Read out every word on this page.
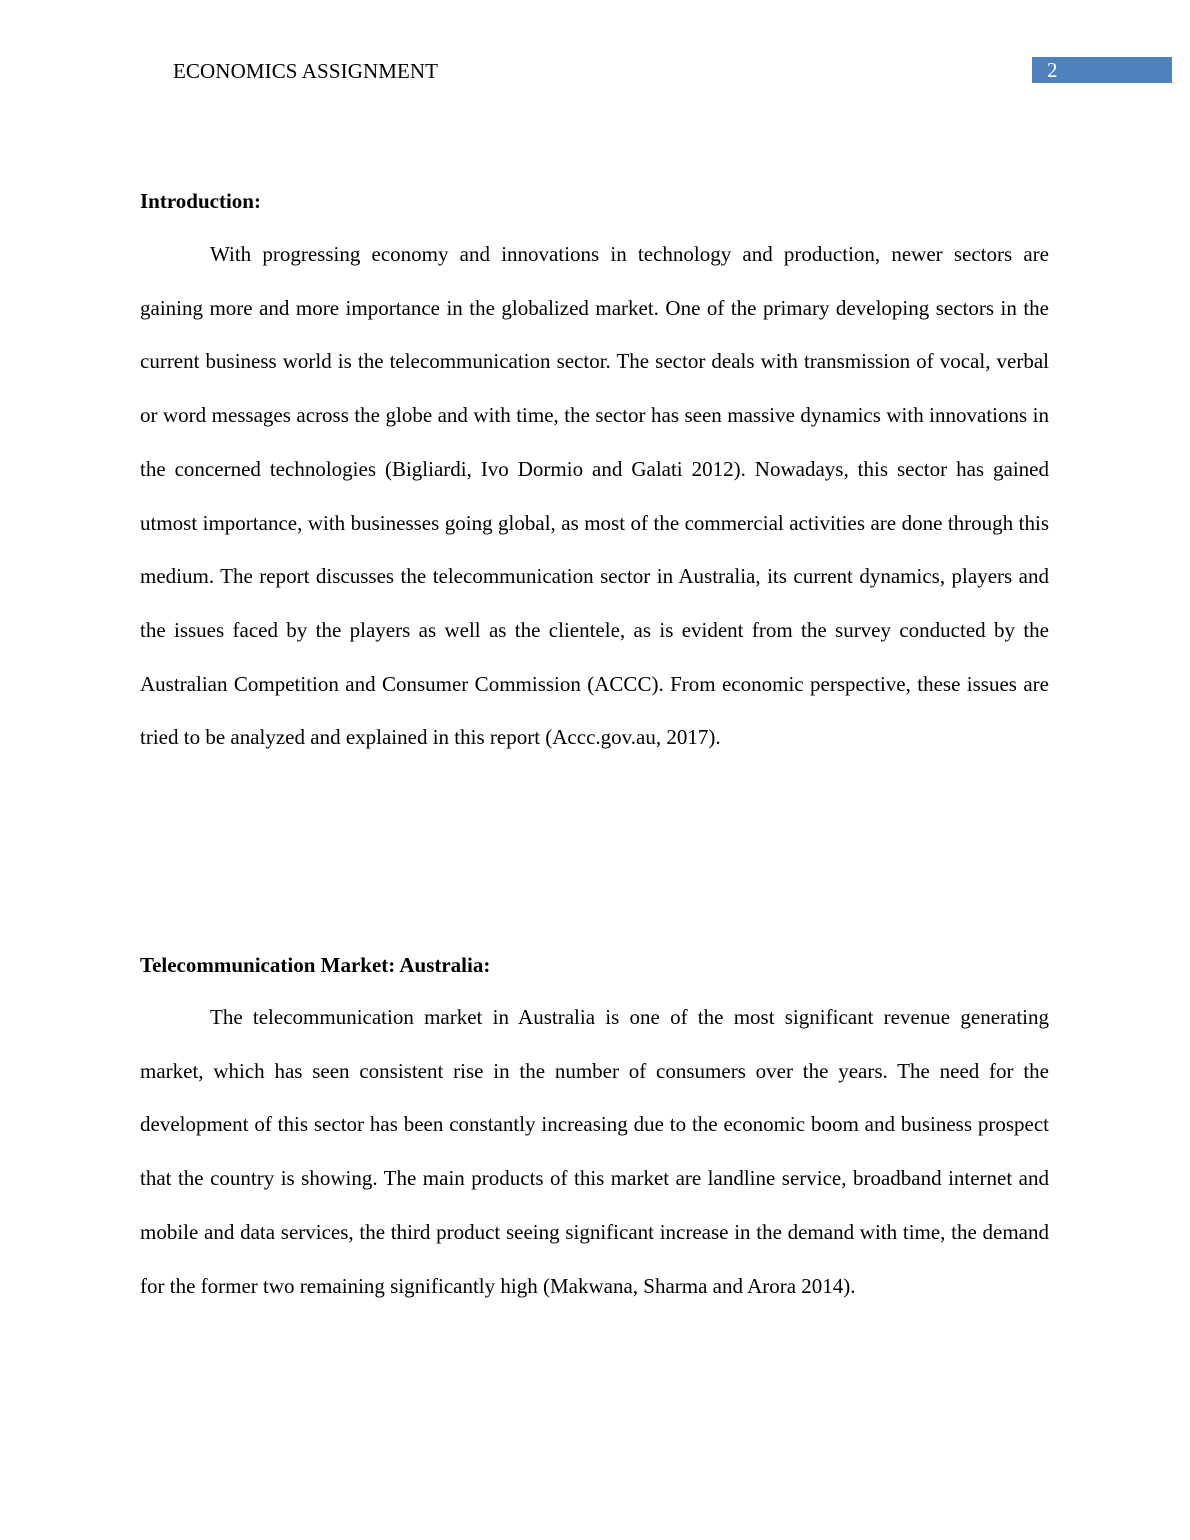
ECONOMICS ASSIGNMENT	2
Introduction:

With progressing economy and innovations in technology and production, newer sectors are gaining more and more importance in the globalized market. One of the primary developing sectors in the current business world is the telecommunication sector. The sector deals with transmission of vocal, verbal or word messages across the globe and with time, the sector has seen massive dynamics with innovations in the concerned technologies (Bigliardi, Ivo Dormio and Galati 2012). Nowadays, this sector has gained utmost importance, with businesses going global, as most of the commercial activities are done through this medium. The report discusses the telecommunication sector in Australia, its current dynamics, players and the issues faced by the players as well as the clientele, as is evident from the survey conducted by the Australian Competition and Consumer Commission (ACCC). From economic perspective, these issues are tried to be analyzed and explained in this report (Accc.gov.au, 2017).

Telecommunication Market: Australia:

The telecommunication market in Australia is one of the most significant revenue generating market, which has seen consistent rise in the number of consumers over the years. The need for the development of this sector has been constantly increasing due to the economic boom and business prospect that the country is showing. The main products of this market are landline service, broadband internet and mobile and data services, the third product seeing significant increase in the demand with time, the demand for the former two remaining significantly high (Makwana, Sharma and Arora 2014).
